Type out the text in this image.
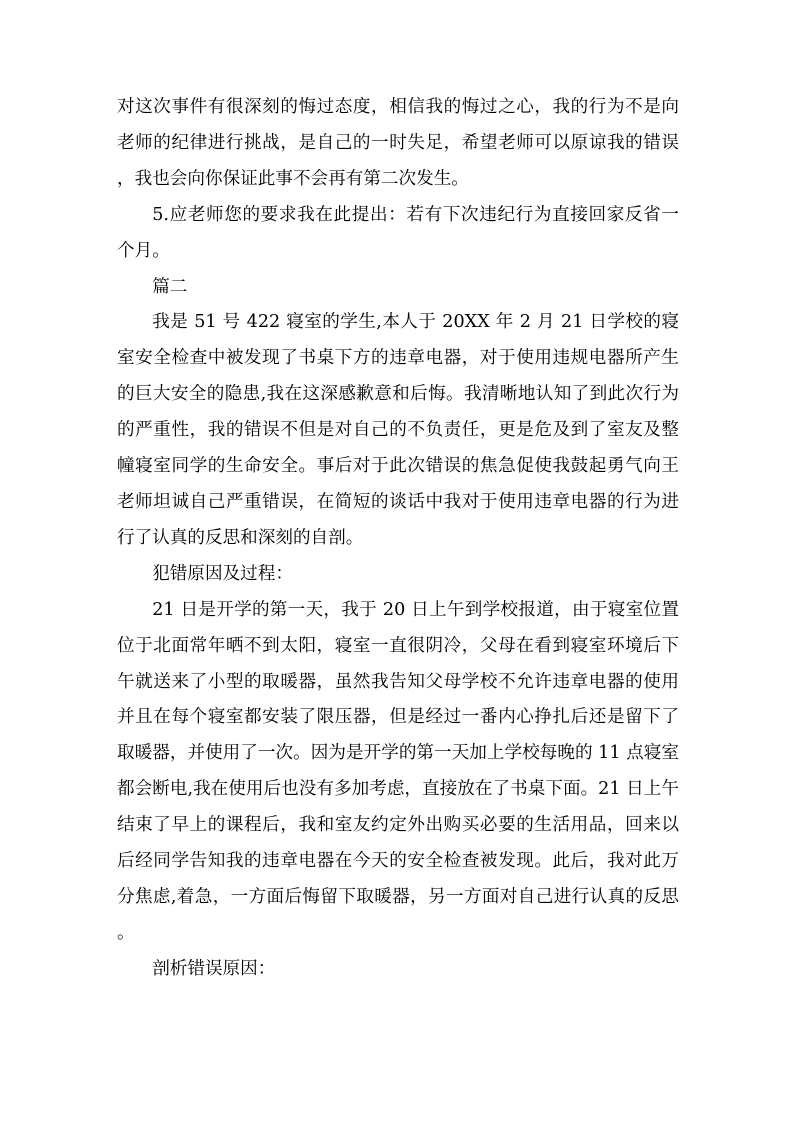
对这次事件有很深刻的悔过态度，相信我的悔过之心，我的行为不是向老师的纪律进行挑战，是自己的一时失足，希望老师可以原谅我的错误，我也会向你保证此事不会再有第二次发生。

5.应老师您的要求我在此提出：若有下次违纪行为直接回家反省一个月。

篇二

我是 51 号 422 寝室的学生,本人于 20XX 年 2 月 21 日学校的寝室安全检查中被发现了书桌下方的违章电器，对于使用违规电器所产生的巨大安全的隐患,我在这深感歉意和后悔。我清晰地认知了到此次行为的严重性，我的错误不但是对自己的不负责任，更是危及到了室友及整幢寝室同学的生命安全。事后对于此次错误的焦急促使我鼓起勇气向王老师坦诚自己严重错误，在简短的谈话中我对于使用违章电器的行为进行了认真的反思和深刻的自剖。

犯错原因及过程：

21 日是开学的第一天，我于 20 日上午到学校报道，由于寝室位置位于北面常年晒不到太阳，寝室一直很阴冷，父母在看到寝室环境后下午就送来了小型的取暖器，虽然我告知父母学校不允许违章电器的使用并且在每个寝室都安装了限压器，但是经过一番内心挣扎后还是留下了取暖器，并使用了一次。因为是开学的第一天加上学校每晚的 11 点寝室都会断电,我在使用后也没有多加考虑，直接放在了书桌下面。21 日上午结束了早上的课程后，我和室友约定外出购买必要的生活用品，回来以后经同学告知我的违章电器在今天的安全检查被发现。此后，我对此万分焦虑,着急，一方面后悔留下取暖器，另一方面对自己进行认真的反思。

剖析错误原因：
